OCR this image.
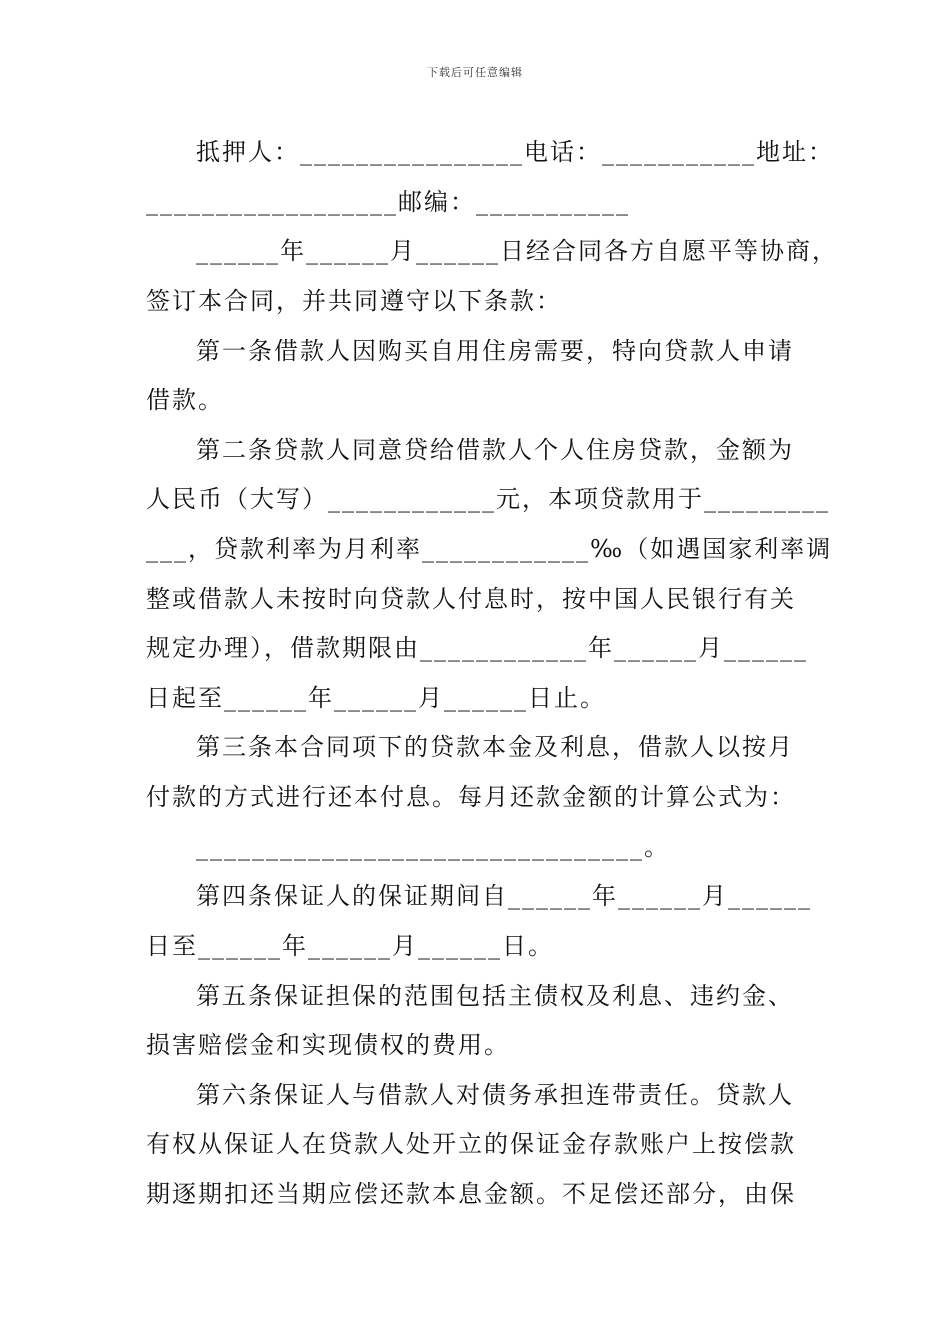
下载后可任意编辑
抵押人：________________电话：___________地址：
__________________邮编：___________
______年______月______日经合同各方自愿平等协商，
签订本合同，并共同遵守以下条款：
第一条借款人因购买自用住房需要，特向贷款人申请
借款。
第二条贷款人同意贷给借款人个人住房贷款，金额为
人民币（大写）____________元，本项贷款用于_________
___，贷款利率为月利率____________‰（如遇国家利率调
整或借款人未按时向贷款人付息时，按中国人民银行有关
规定办理），借款期限由____________年______月______
日起至______年______月______日止。
第三条本合同项下的贷款本金及利息，借款人以按月
付款的方式进行还本付息。每月还款金额的计算公式为：
________________________________。
第四条保证人的保证期间自______年______月______
日至______年______月______日。
第五条保证担保的范围包括主债权及利息、违约金、
损害赔偿金和实现债权的费用。
第六条保证人与借款人对债务承担连带责任。贷款人
有权从保证人在贷款人处开立的保证金存款账户上按偿款
期逐期扣还当期应偿还款本息金额。不足偿还部分，由保
